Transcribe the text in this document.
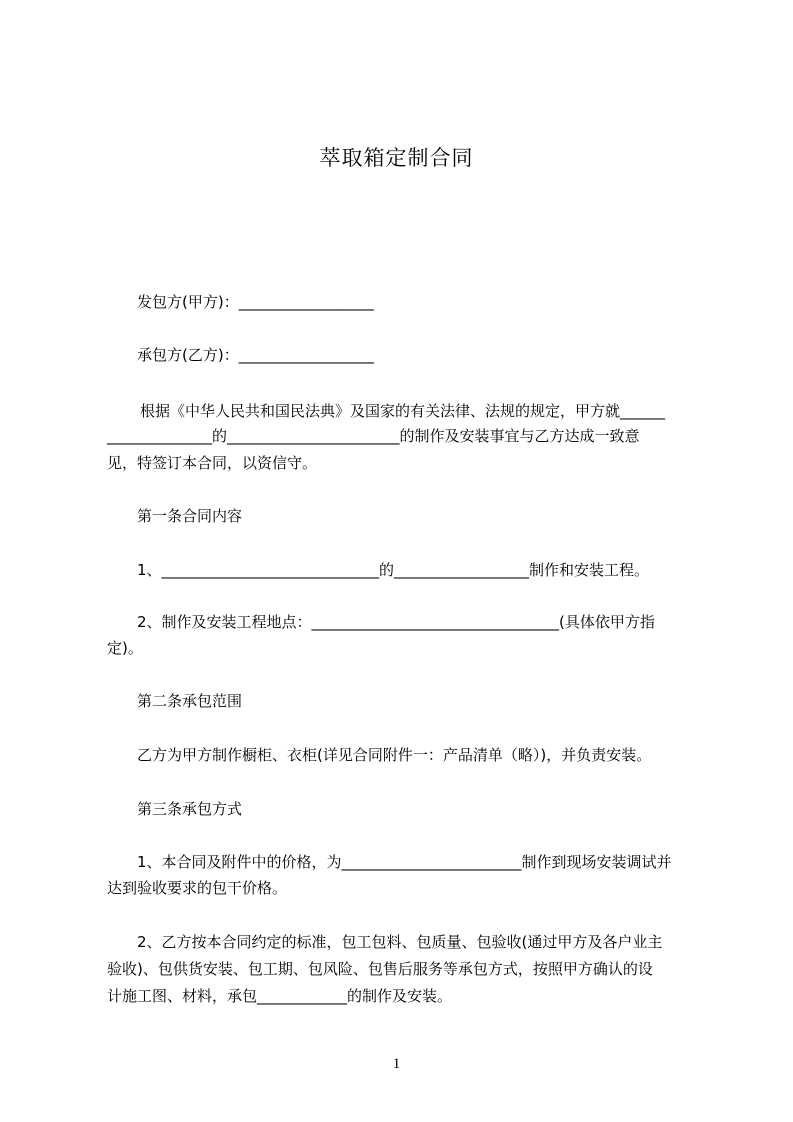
萃取箱定制合同
发包方(甲方)：__________________
承包方(乙方)：__________________
根据《中华人民共和国民法典》及国家的有关法律、法规的规定，甲方就______
______________的_______________________的制作及安装事宜与乙方达成一致意
见，特签订本合同，以资信守。
第一条合同内容
1、_____________________________的__________________制作和安装工程。
2、制作及安装工程地点：_________________________________(具体依甲方指
定)。
第二条承包范围
乙方为甲方制作橱柜、衣柜(详见合同附件一：产品清单（略）)，并负责安装。
第三条承包方式
1、本合同及附件中的价格，为________________________制作到现场安装调试并
达到验收要求的包干价格。
2、乙方按本合同约定的标准，包工包料、包质量、包验收(通过甲方及各户业主
验收)、包供货安装、包工期、包风险、包售后服务等承包方式，按照甲方确认的设
计施工图、材料，承包____________的制作及安装。
1
